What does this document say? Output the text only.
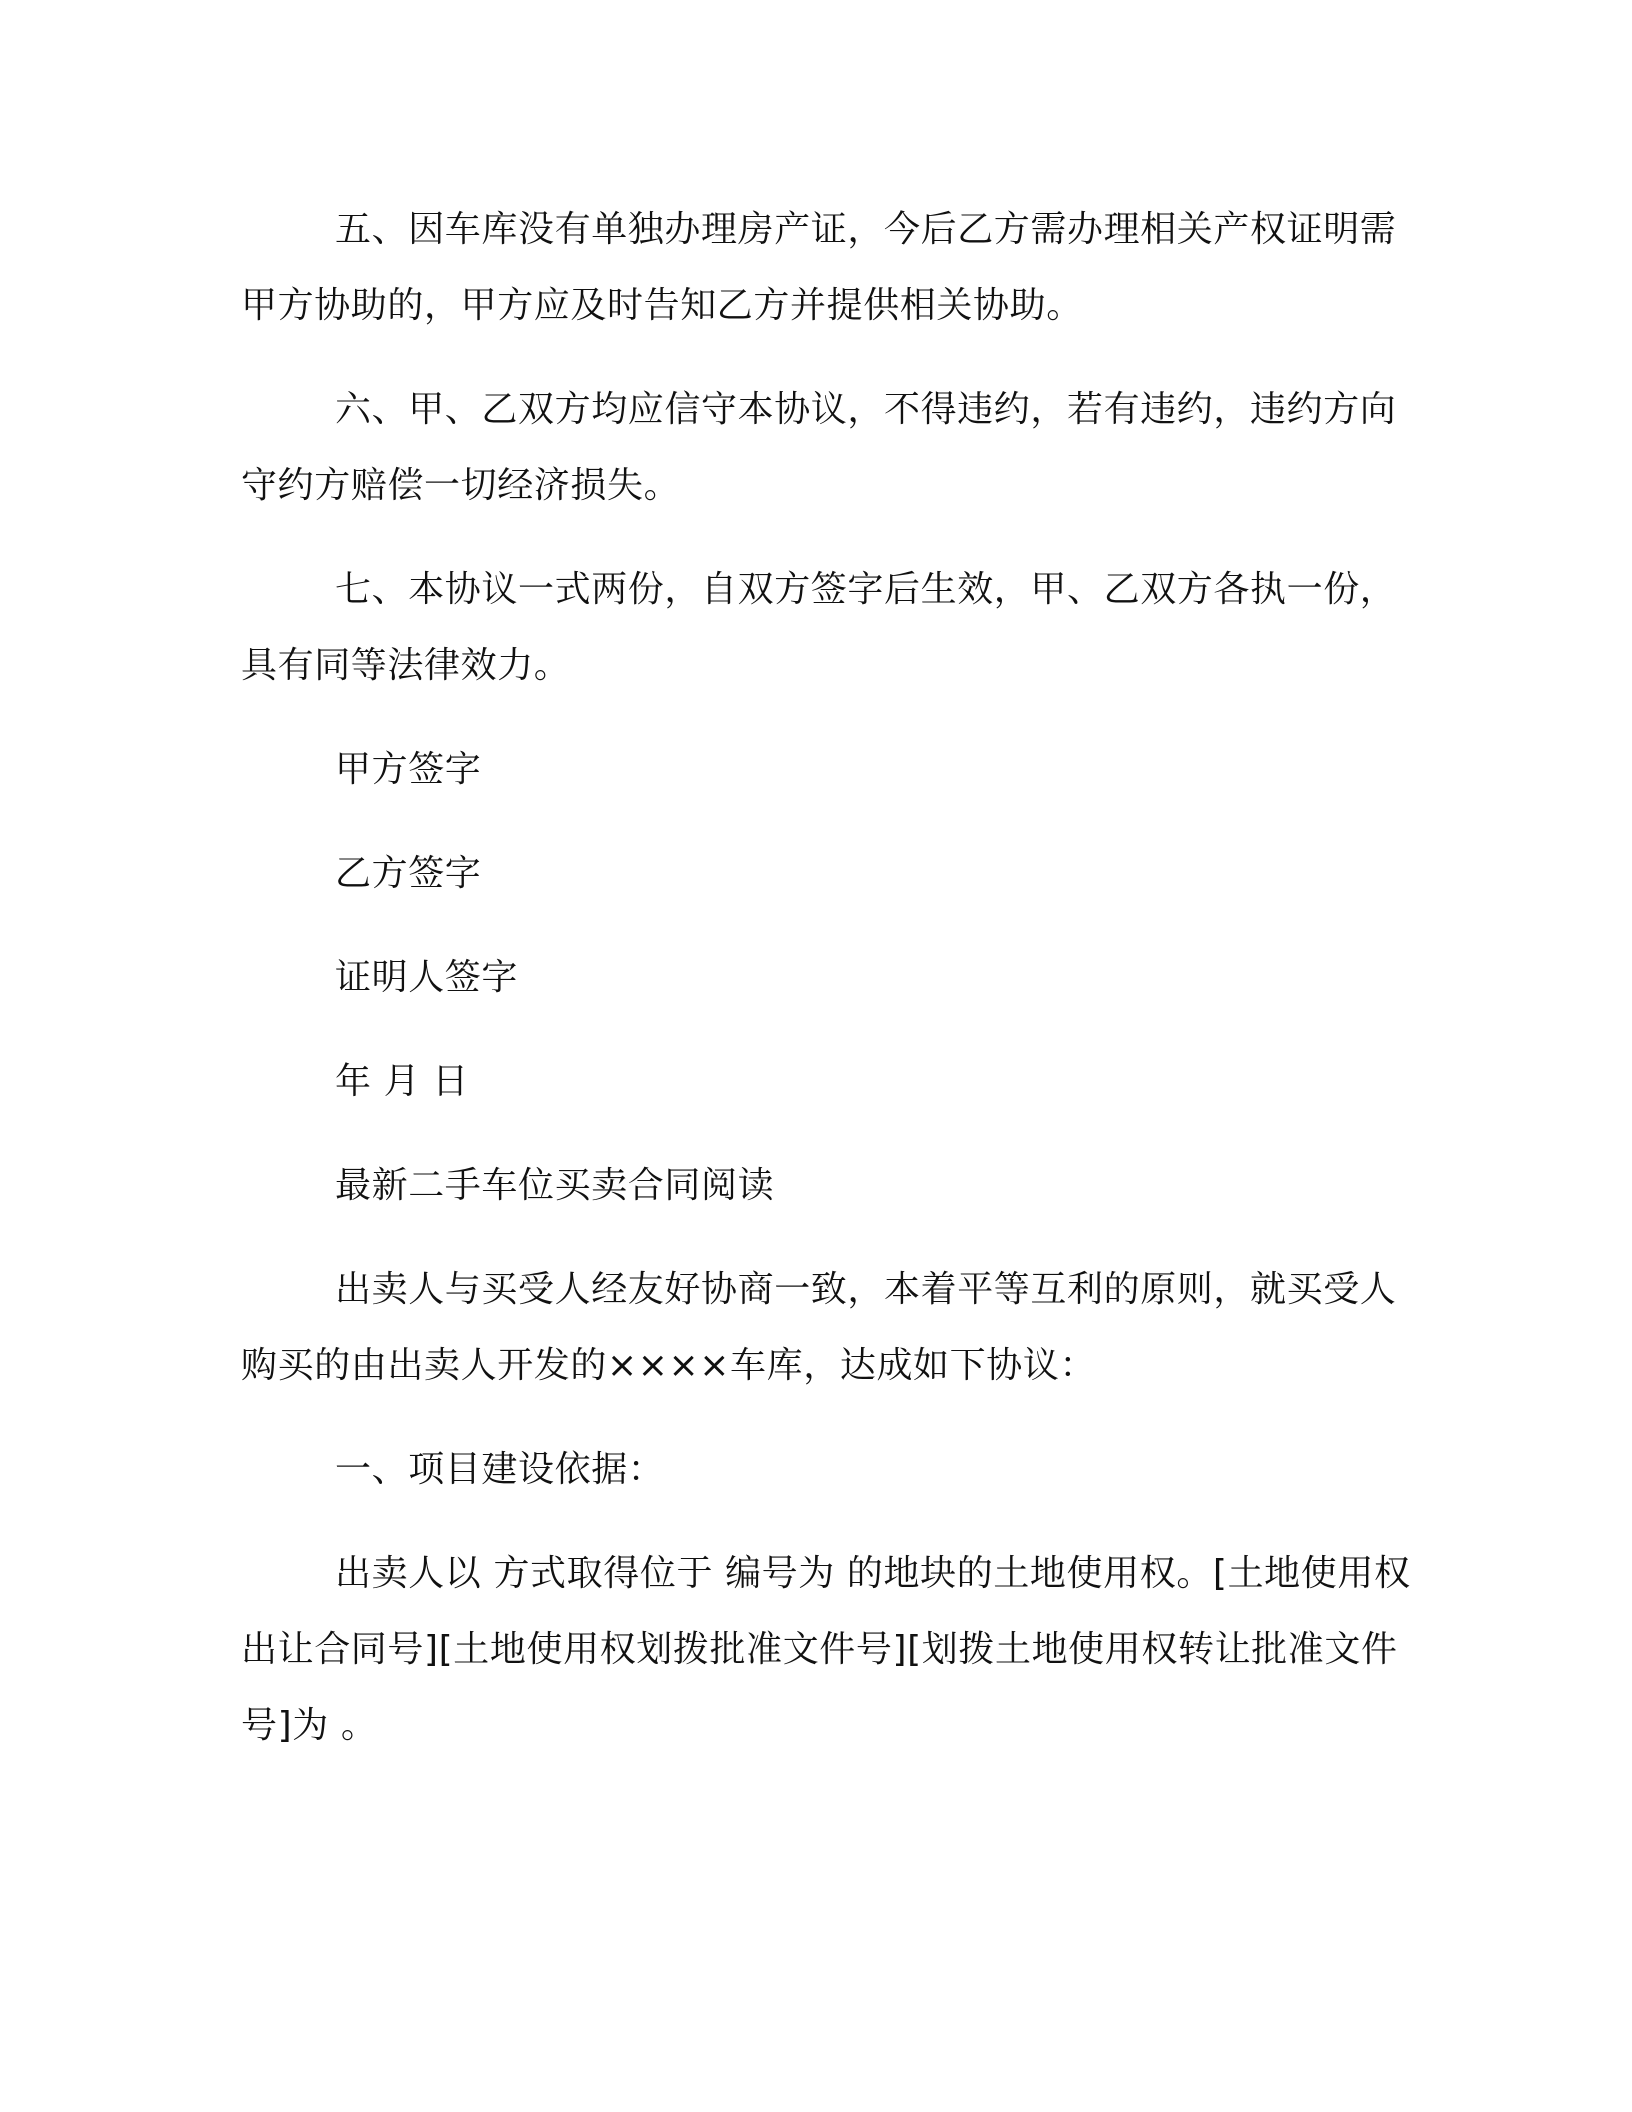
五、因车库没有单独办理房产证，今后乙方需办理相关产权证明需甲方协助的，甲方应及时告知乙方并提供相关协助。

六、甲、乙双方均应信守本协议，不得违约，若有违约，违约方向守约方赔偿一切经济损失。

七、本协议一式两份，自双方签字后生效，甲、乙双方各执一份，具有同等法律效力。

甲方签字

乙方签字

证明人签字

年 月 日

最新二手车位买卖合同阅读

出卖人与买受人经友好协商一致，本着平等互利的原则，就买受人购买的由出卖人开发的××××车库，达成如下协议：

一、项目建设依据：

出卖人以 方式取得位于 编号为 的地块的土地使用权。[土地使用权出让合同号][土地使用权划拨批准文件号][划拨土地使用权转让批准文件号]为 。
